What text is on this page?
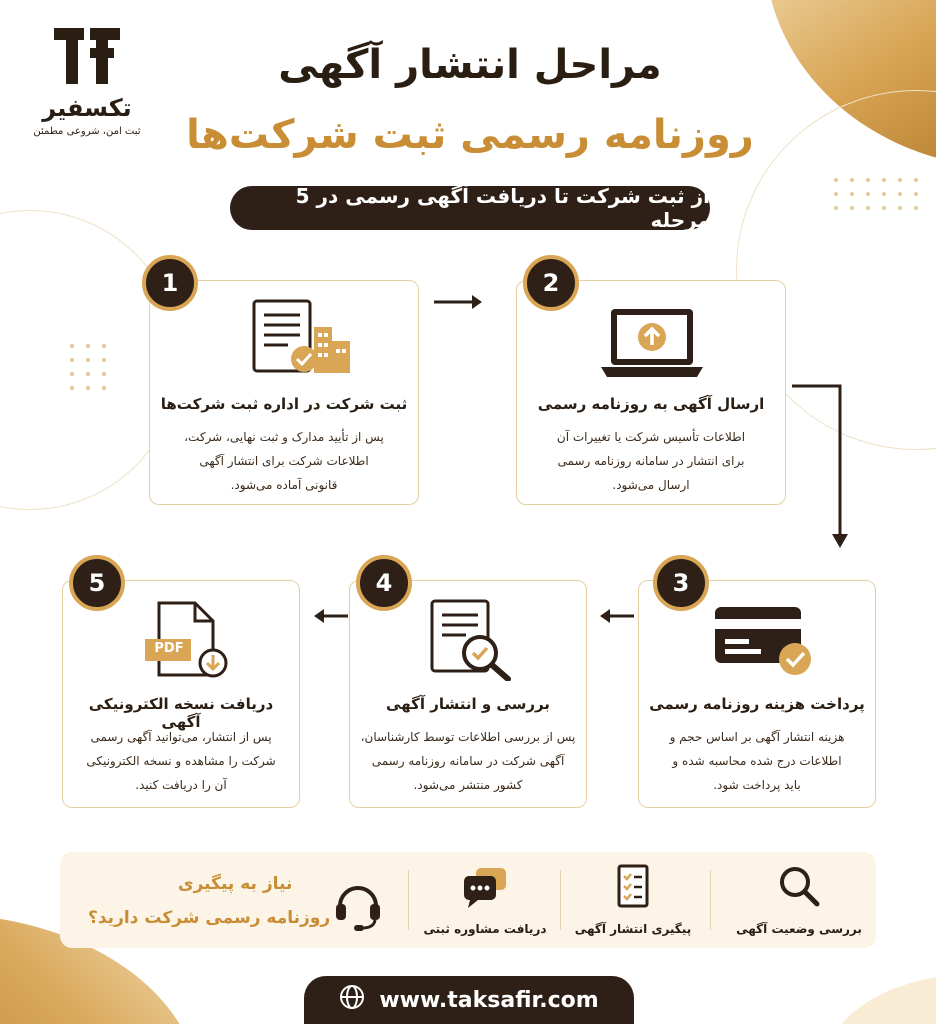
تکسفیر
ثبت امن، شروعی مطمئن
مراحل انتشار آگهی
روزنامه رسمی ثبت شرکت‌ها
از ثبت شرکت تا دریافت آگهی رسمی در 5 مرحله
1
ثبت شرکت در اداره ثبت شرکت‌ها
پس از تأیید مدارک و ثبت نهایی، شرکت،
اطلاعات شرکت برای انتشار آگهی
قانونی آماده می‌شود.
2
ارسال آگهی به روزنامه رسمی
اطلاعات تأسیس شرکت یا تغییرات آن
برای انتشار در سامانه روزنامه رسمی
ارسال می‌شود.
3
پرداخت هزینه روزنامه رسمی
هزینه انتشار آگهی بر اساس حجم و
اطلاعات درج شده محاسبه شده و
باید پرداخت شود.
4
بررسی و انتشار آگهی
پس از بررسی اطلاعات توسط کارشناسان،
آگهی شرکت در سامانه روزنامه رسمی
کشور منتشر می‌شود.
5
PDF
دریافت نسخه الکترونیکی آگهی
پس از انتشار، می‌توانید آگهی رسمی
شرکت را مشاهده و نسخه الکترونیکی
آن را دریافت کنید.
بررسی وضعیت آگهی
پیگیری انتشار آگهی
دریافت مشاوره ثبتی
نیاز به پیگیری
روزنامه رسمی شرکت دارید؟
www.taksafir.com
